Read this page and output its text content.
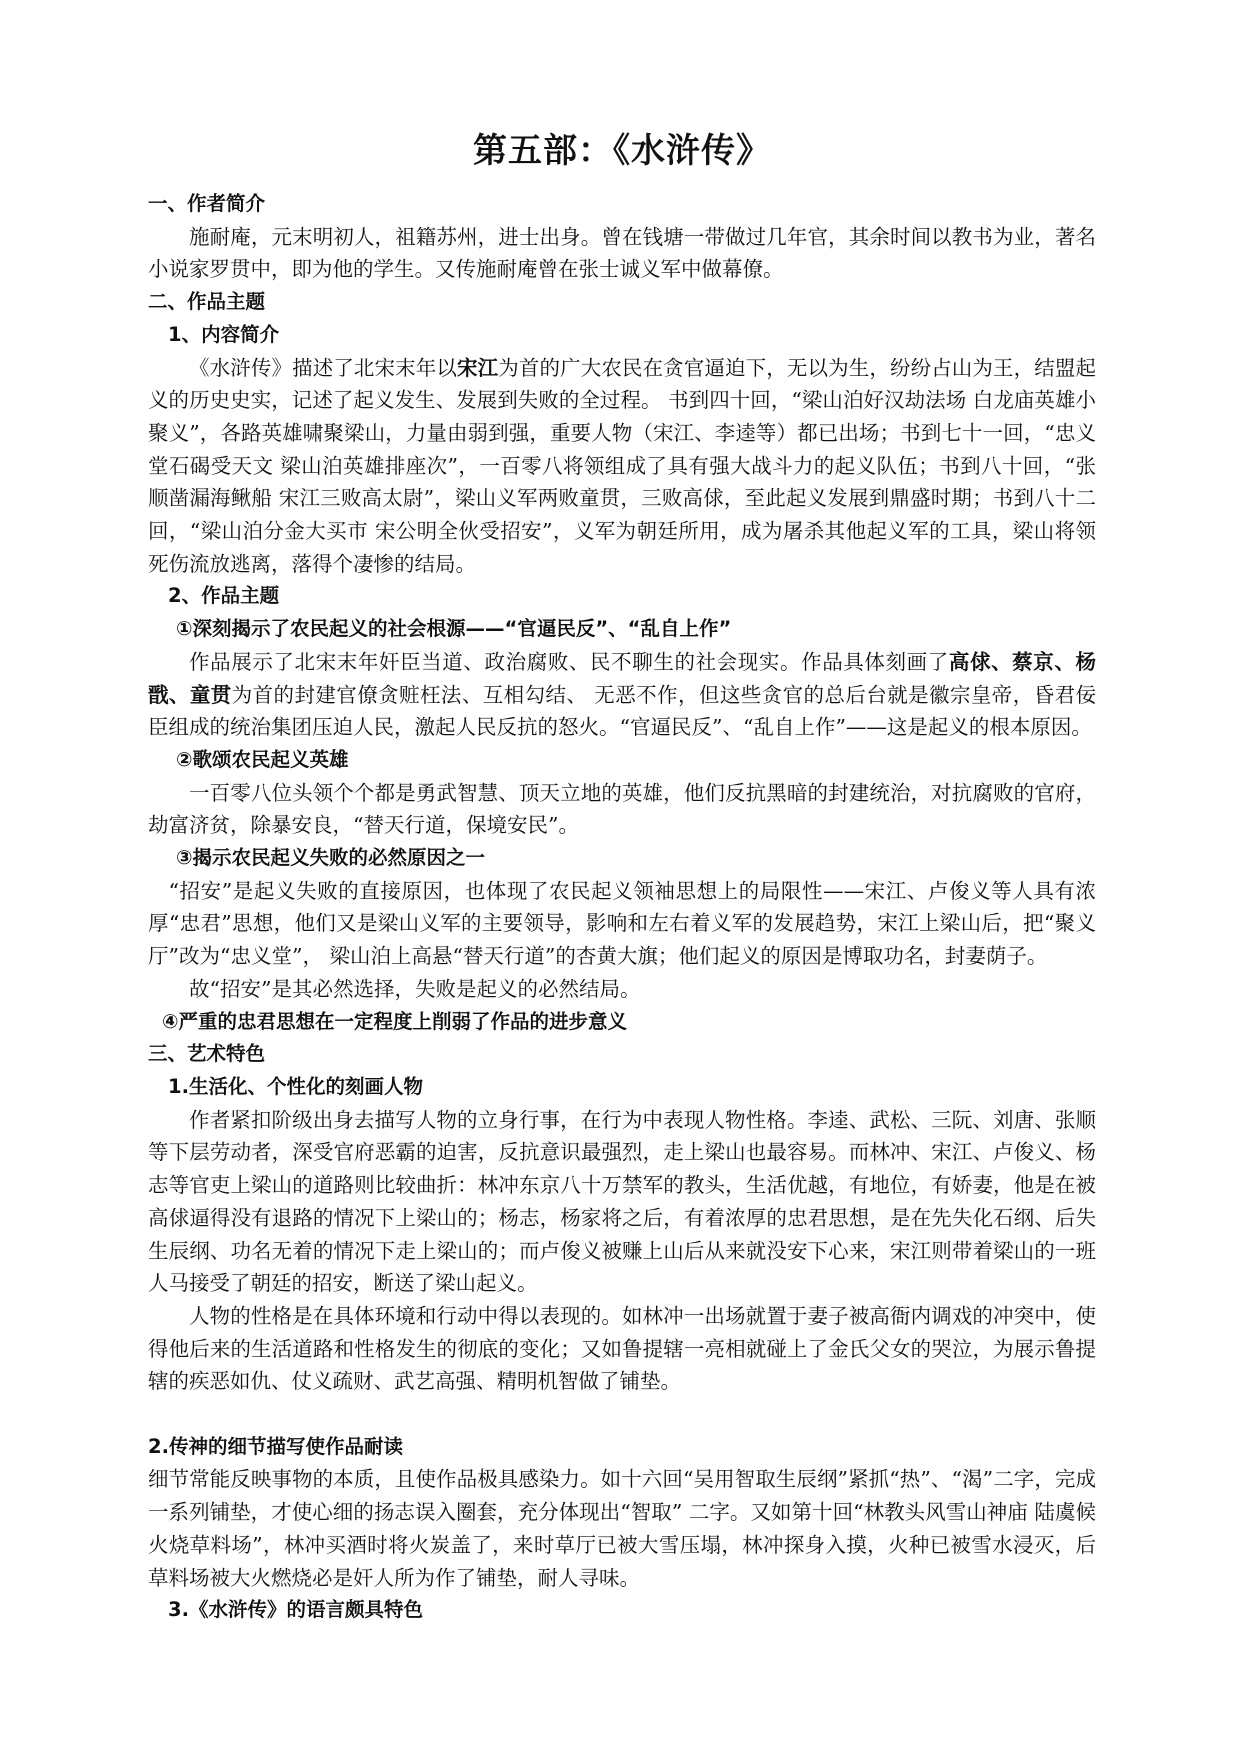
第五部：《水浒传》
一、作者简介

施耐庵，元末明初人，祖籍苏州，进士出身。曾在钱塘一带做过几年官，其余时间以教书为业，著名小说家罗贯中，即为他的学生。又传施耐庵曾在张士诚义军中做幕僚。

二、作品主题
1、内容简介

《水浒传》描述了北宋末年以宋江为首的广大农民在贪官逼迫下，无以为生，纷纷占山为王，结盟起义的历史史实，记述了起义发生、发展到失败的全过程。 书到四十回，“梁山泊好汉劫法场 白龙庙英雄小聚义”，各路英雄啸聚梁山，力量由弱到强，重要人物（宋江、李逵等）都已出场；书到七十一回，“忠义堂石碣受天文 梁山泊英雄排座次”，一百零八将领组成了具有强大战斗力的起义队伍；书到八十回，“张顺凿漏海鳅船 宋江三败高太尉”，梁山义军两败童贯，三败高俅，至此起义发展到鼎盛时期；书到八十二回，“梁山泊分金大买市 宋公明全伙受招安”，义军为朝廷所用，成为屠杀其他起义军的工具，梁山将领死伤流放逃离，落得个凄惨的结局。

2、作品主题
①深刻揭示了农民起义的社会根源——“官逼民反”、“乱自上作”

作品展示了北宋末年奸臣当道、政治腐败、民不聊生的社会现实。作品具体刻画了高俅、蔡京、杨戬、童贯为首的封建官僚贪赃枉法、互相勾结、 无恶不作，但这些贪官的总后台就是徽宗皇帝，昏君佞臣组成的统治集团压迫人民，激起人民反抗的怒火。“官逼民反”、“乱自上作”——这是起义的根本原因。

②歌颂农民起义英雄

一百零八位头领个个都是勇武智慧、顶天立地的英雄，他们反抗黑暗的封建统治，对抗腐败的官府，劫富济贫，除暴安良，“替天行道，保境安民”。

③揭示农民起义失败的必然原因之一

“招安”是起义失败的直接原因，也体现了农民起义领袖思想上的局限性——宋江、卢俊义等人具有浓厚“忠君”思想，他们又是梁山义军的主要领导，影响和左右着义军的发展趋势，宋江上梁山后，把“聚义厅”改为“忠义堂”， 梁山泊上高悬“替天行道”的杏黄大旗；他们起义的原因是博取功名，封妻荫子。

故“招安”是其必然选择，失败是起义的必然结局。

④严重的忠君思想在一定程度上削弱了作品的进步意义
三、艺术特色
1.生活化、个性化的刻画人物

作者紧扣阶级出身去描写人物的立身行事，在行为中表现人物性格。李逵、武松、三阮、刘唐、张顺等下层劳动者，深受官府恶霸的迫害，反抗意识最强烈，走上梁山也最容易。而林冲、宋江、卢俊义、杨志等官吏上梁山的道路则比较曲折：林冲东京八十万禁军的教头，生活优越，有地位，有娇妻，他是在被高俅逼得没有退路的情况下上梁山的；杨志，杨家将之后，有着浓厚的忠君思想，是在先失化石纲、后失生辰纲、功名无着的情况下走上梁山的；而卢俊义被赚上山后从来就没安下心来，宋江则带着梁山的一班人马接受了朝廷的招安，断送了梁山起义。

人物的性格是在具体环境和行动中得以表现的。如林冲一出场就置于妻子被高衙内调戏的冲突中，使得他后来的生活道路和性格发生的彻底的变化；又如鲁提辖一亮相就碰上了金氏父女的哭泣，为展示鲁提辖的疾恶如仇、仗义疏财、武艺高强、精明机智做了铺垫。

2.传神的细节描写使作品耐读

细节常能反映事物的本质，且使作品极具感染力。如十六回“吴用智取生辰纲”紧抓“热”、“渴”二字，完成一系列铺垫，才使心细的扬志误入圈套，充分体现出“智取” 二字。又如第十回“林教头风雪山神庙 陆虞候火烧草料场”，林冲买酒时将火炭盖了，来时草厅已被大雪压塌，林冲探身入摸，火种已被雪水浸灭，后草料场被大火燃烧必是奸人所为作了铺垫，耐人寻味。

3.《水浒传》的语言颇具特色
